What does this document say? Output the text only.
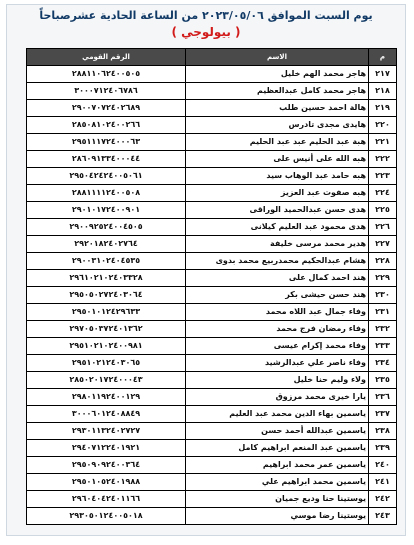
يوم السبت الموافق ٢٠٢٣/٠٥/٠٦ من الساعة الحادية عشرصباحاً
( بيولوجي )
م	الاسم	الرقم القومي
٢١٧	هاجر محمد الهم خليل	٢٨٨١١٠٦٢٤٠٠٥٠٥
٢١٨	هاجر محمد كامل عبدالعظيم	٣٠٠٠٧١٢٤٠٦٧٨٦
٢١٩	هالة احمد حسين طلب	٢٩٠٠٧٠٧٢٤٠٢٦٨٩
٢٢٠	هايدى مجدى تادرس	٢٨٥٠٨١٠٢٤٠٠٢٦٦
٢٢١	هبة عبد الحليم عبد عبد الحليم	٢٩٥١١١٧٢٤٠٠٠٦٣
٢٢٢	هبه الله على أنيس على	٢٨٦٠٩١٣٣٤٠٠٠٤٤
٢٢٣	هبه حامد عبد الوهاب سيد	٢٩٥٠٤٢٤٢٤٠٠٥٠٦١
٢٢٤	هبه صفوت عبد العزيز	٢٨٨١١١١٢٤٠٠٥٠٨
٢٢٥	هدى حسن عبدالحميد الوراقى	٢٩٠١٠١٧٢٤٠٠٩٠١
٢٢٦	هدى محمود عبد العليم كيلانى	٢٩٠٠٩٢٥٢٤٠٠٤٥٠٥
٢٢٧	هدير محمد مرسى خليفة	٢٩٢٠١٨٢٤٠٢٧٦٤
٢٢٨	هشام عبدالحكيم محمدربيع محمد بدوى	٢٩٠٠٣١٠٢٤٠٤٥٣٥
٢٢٩	هند احمد كمال على	٢٩٦١٠٢١٠٢٤٠٣٣٢٨
٢٣٠	هند حسن حيشى بكر	٢٩٥٠٥٠٢٧٢٤٠٣٠٦٤
٢٣١	وفاء جمال عبد اللاه محمد	٢٩٥٠١٠١٢٤٢٩٦٣٣
٢٣٢	وفاء رمضان فرج محمد	٢٩٧٠٥٠٣٧٢٤٠١٣٦٢
٢٣٣	وفاء محمد إكرام عيسى	٢٩٥١٠٢١٠٢٤٠٠٩٨١
٢٣٤	وفاء ناصر علي عبدالرشيد	٢٩٥١٠٢١٢٤٠٣٠٦٥
٢٣٥	ولاء وليم حنا خليل	٢٨٥٠٢٠١٧٢٤٠٠٠٤٣
٢٣٦	يارا خيرى محمد مرزوق	٢٩٨٠١١٩٢٤٠٠١٢٩
٢٣٧	ياسمين بهاء الدين محمد عبد العليم	٣٠٠٠٦٠١٢٤٠٨٨٤٩
٢٣٨	ياسمين عبدالله أحمد حسن	٢٩٣٠١١٣٢٤٠٢٧٢٧
٢٣٩	ياسمين عبد المنعم ابراهيم كامل	٢٩٤٠٧١٢٢٤٠١٩٢١
٢٤٠	ياسمين عمر محمد ابراهيم	٢٩٥٠٩٠٩٢٤٠٠٣٦٤
٢٤١	ياسمين محمد ابراهيم علي	٢٩٥٠١٠٥٢٤٠١٩٨٨
٢٤٢	يوستينا حنا وديع جميان	٢٩٦٠٤٠٤٢٤٠١١٦٦
٢٤٣	يوستينا رضا موسي	٢٩٣٠٥٠١٢٤٠٠٥٠١٨
